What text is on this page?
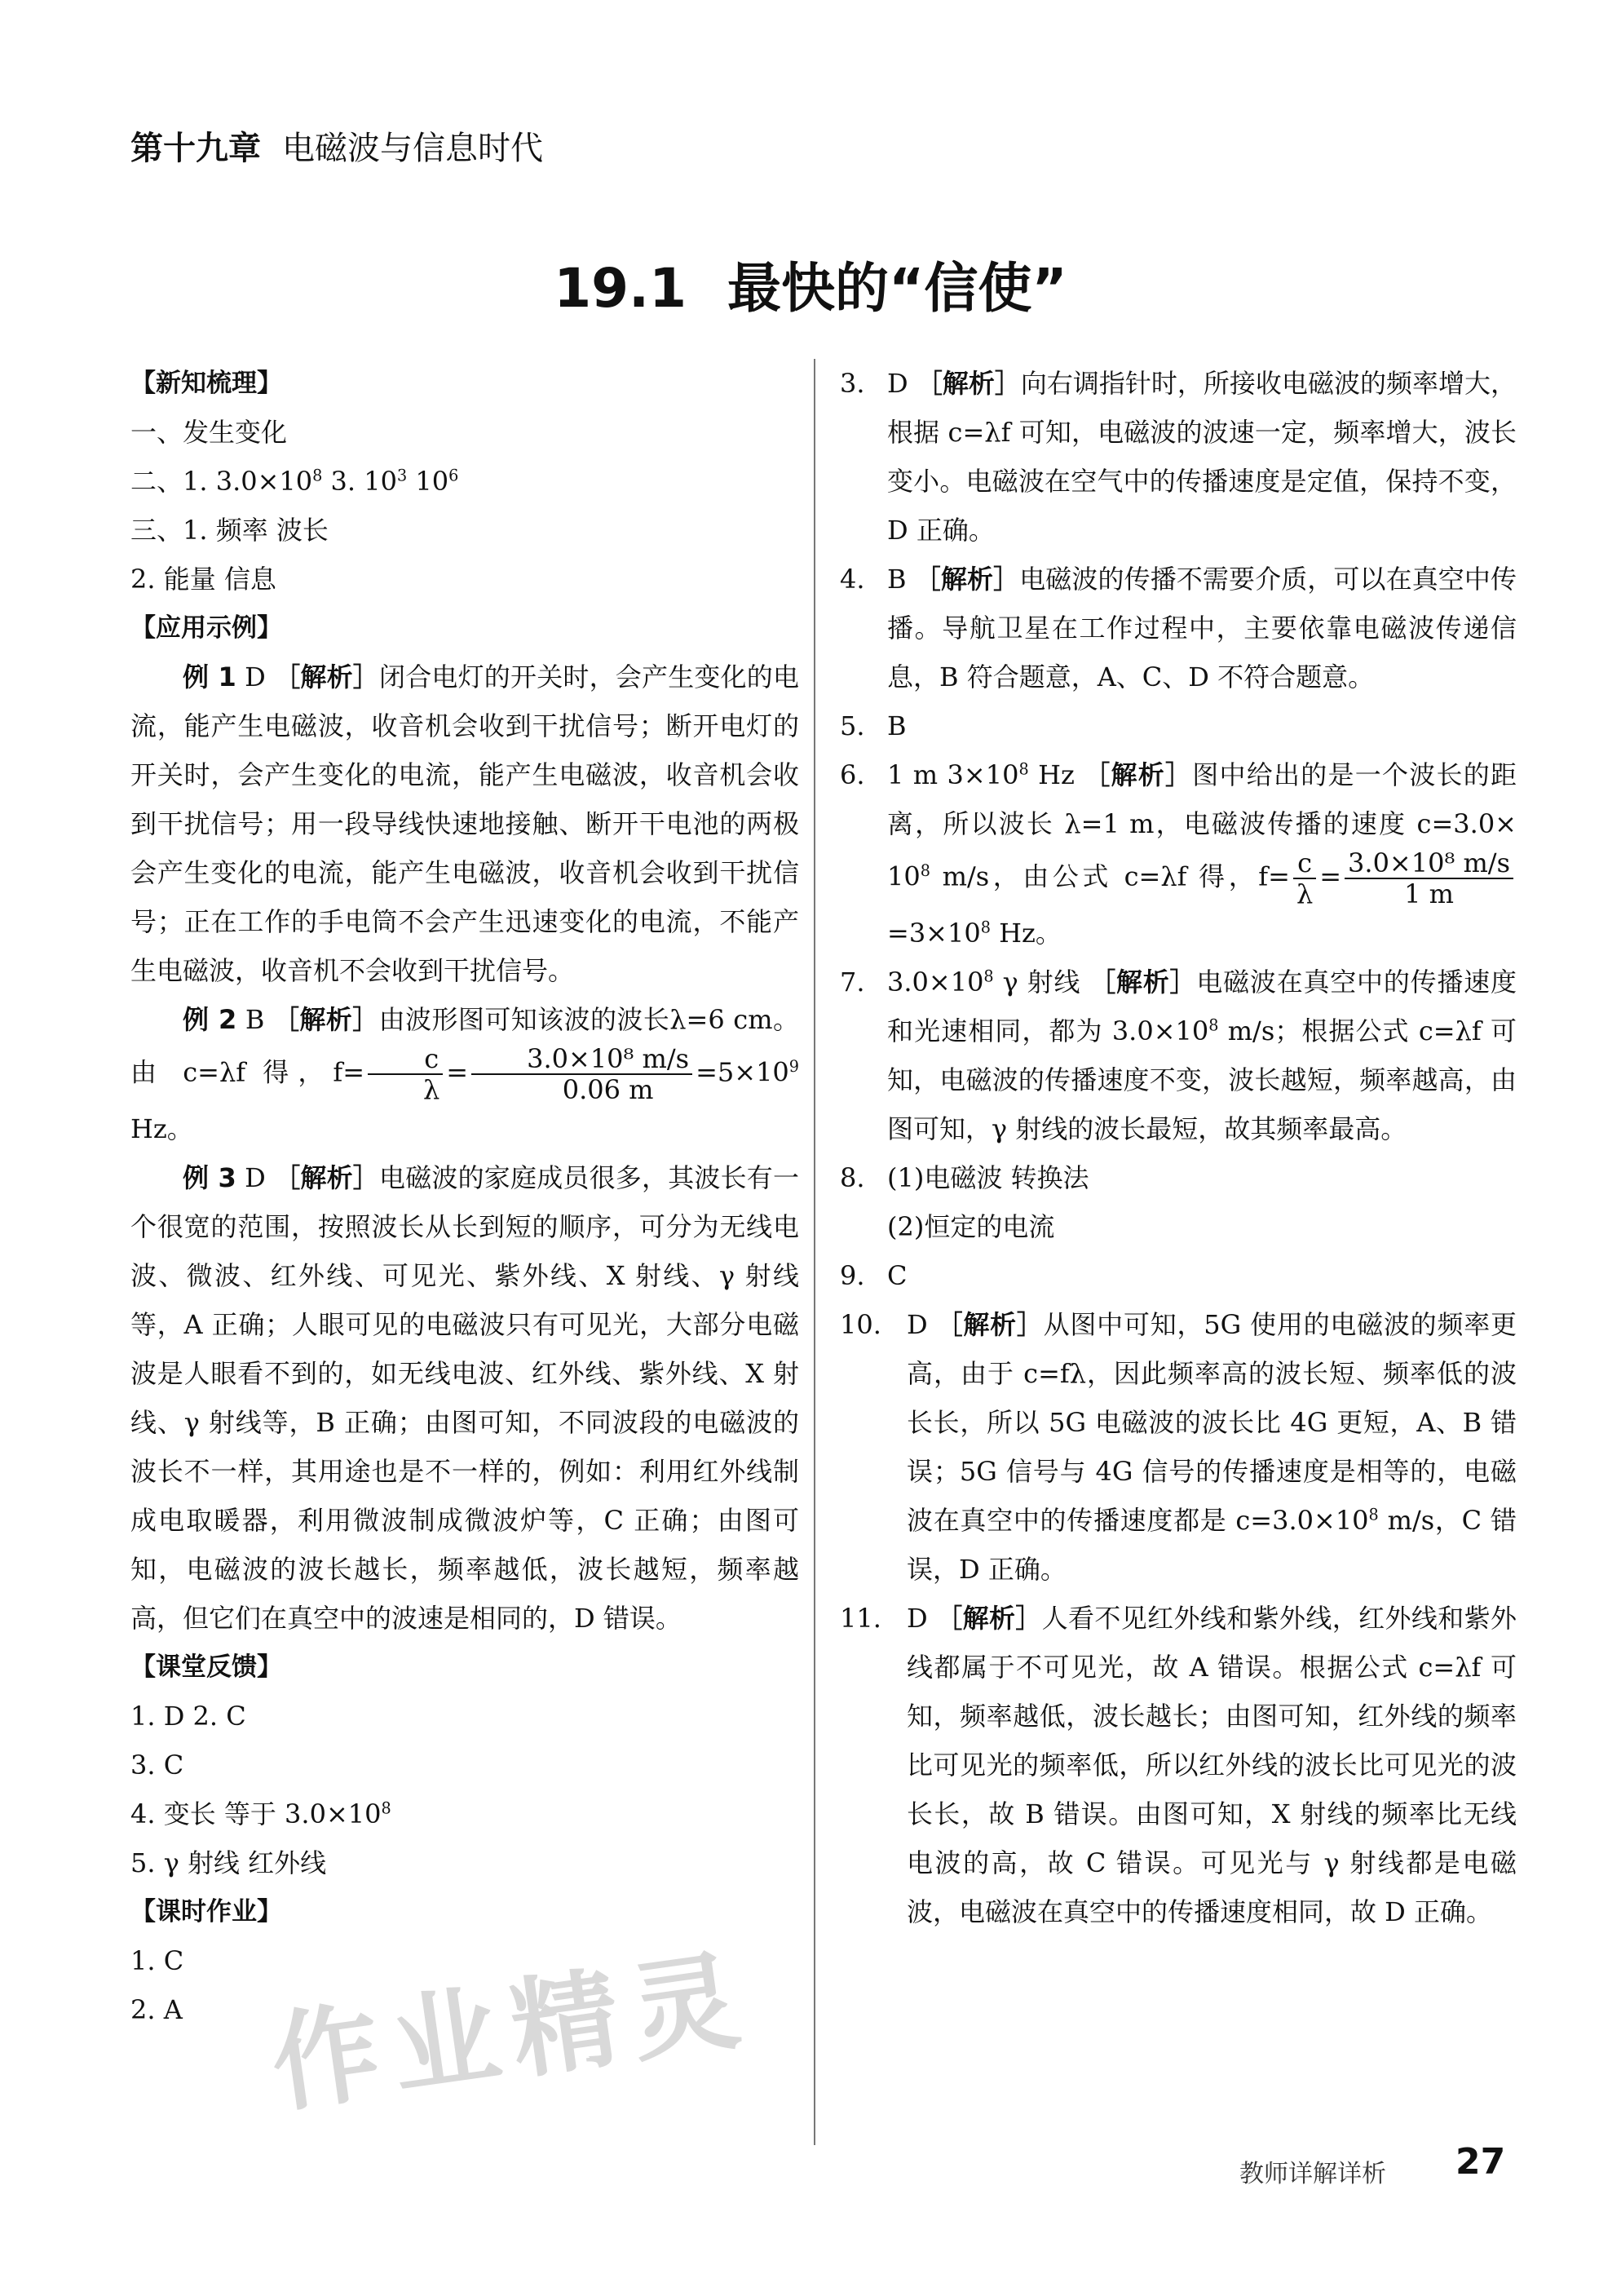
第十九章 电磁波与信息时代
19.1 最快的“信使”
【新知梳理】
一、发生变化
二、1. $3.0\times 10^8$ 3. $10^3$ $10^6$
三、1. 频率 波长
2. 能量 信息
【应用示例】
例 1 D ［解析］闭合电灯的开关时，会产生变化的电流，能产生电磁波，收音机会收到干扰信号；断开电灯的开关时，会产生变化的电流，能产生电磁波，收音机会收到干扰信号；用一段导线快速地接触、断开干电池的两极会产生变化的电流，能产生电磁波，收音机会收到干扰信号；正在工作的手电筒不会产生迅速变化的电流，不能产生电磁波，收音机不会收到干扰信号。
例 2 B ［解析］由波形图可知该波的波长λ=6 cm。由 c=λf 得，$f= \frac{c}{\lambda} = \frac{\text{3.0×10⁸ m/s}}{0.06 m} =5\times 10^9$ Hz。
例 3 D ［解析］电磁波的家庭成员很多，其波长有一个很宽的范围，按照波长从长到短的顺序，可分为无线电波、微波、红外线、可见光、紫外线、X 射线、γ 射线等，A 正确；人眼可见的电磁波只有可见光，大部分电磁波是人眼看不到的，如无线电波、红外线、紫外线、X 射线、γ 射线等，B 正确；由图可知，不同波段的电磁波的波长不一样，其用途也是不一样的，例如：利用红外线制成电取暖器，利用微波制成微波炉等，C 正确；由图可知，电磁波的波长越长，频率越低，波长越短，频率越高，但它们在真空中的波速是相同的，D 错误。
【课堂反馈】
1. D 2. C
3. C
4. 变长 等于 $3.0\times 10^8$
5. γ 射线 红外线
【课时作业】
1. C
2. A
3. D ［解析］向右调指针时，所接收电磁波的频率增大，根据 c=λf 可知，电磁波的波速一定，频率增大，波长变小。电磁波在空气中的传播速度是定值，保持不变，D 正确。
4. B ［解析］电磁波的传播不需要介质，可以在真空中传播。导航卫星在工作过程中，主要依靠电磁波传递信息，B 符合题意，A、C、D 不符合题意。
5. B
6. 1 m $3\times 10^8$ Hz ［解析］图中给出的是一个波长的距离，所以波长 λ=1 m，电磁波传播的速度 $c=3.0\times 10^8$ m/s，由公式 c=λf 得，$f= \frac{c}{\lambda} = \frac{\text{3.0×10⁸ m/s}}{1 m}$
$=3\times 10^8$ Hz。
7. $3.0\times 10^8$ γ 射线 ［解析］电磁波在真空中的传播速度和光速相同，都为 $3.0\times 10^8$ m/s；根据公式 c=λf 可知，电磁波的传播速度不变，波长越短，频率越高，由图可知，γ 射线的波长最短，故其频率最高。
8. (1)电磁波 转换法
(2)恒定的电流
9. C
10. D ［解析］从图中可知，5G 使用的电磁波的频率更高，由于 c=fλ，因此频率高的波长短、频率低的波长长，所以 5G 电磁波的波长比 4G 更短，A、B 错误；5G 信号与 4G 信号的传播速度是相等的，电磁波在真空中的传播速度都是 $c=3.0\times 10^8$ m/s，C 错误，D 正确。
11. D ［解析］人看不见红外线和紫外线，红外线和紫外线都属于不可见光，故 A 错误。根据公式 c=λf 可知，频率越低，波长越长；由图可知，红外线的频率比可见光的频率低，所以红外线的波长比可见光的波长长，故 B 错误。由图可知，X 射线的频率比无线电波的高，故 C 错误。可见光与 γ 射线都是电磁波，电磁波在真空中的传播速度相同，故 D 正确。
作业精灵
教师详解详析 27
